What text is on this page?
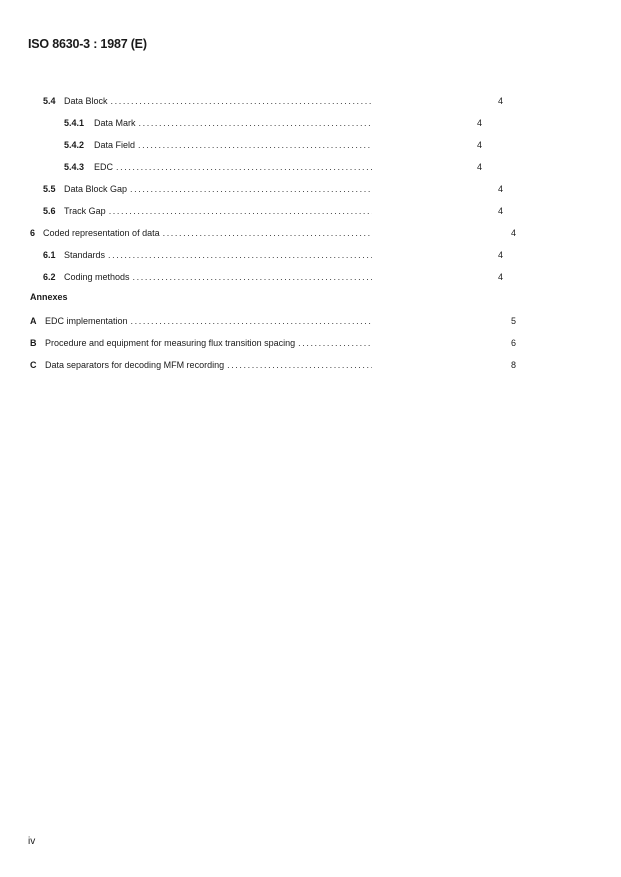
ISO 8630-3 : 1987 (E)
5.4 Data Block .....	4
5.4.1	Data Mark .....	4
5.4.2	Data Field .....	4
5.4.3	EDC .....	4
5.5 Data Block Gap .....	4
5.6 Track Gap .....	4
6 Coded representation of data .....	4
6.1 Standards .....	4
6.2 Coding methods .....	4
Annexes
A EDC implementation .....	5
B Procedure and equipment for measuring flux transition spacing .....	6
C Data separators for decoding MFM recording .....	8
iv
